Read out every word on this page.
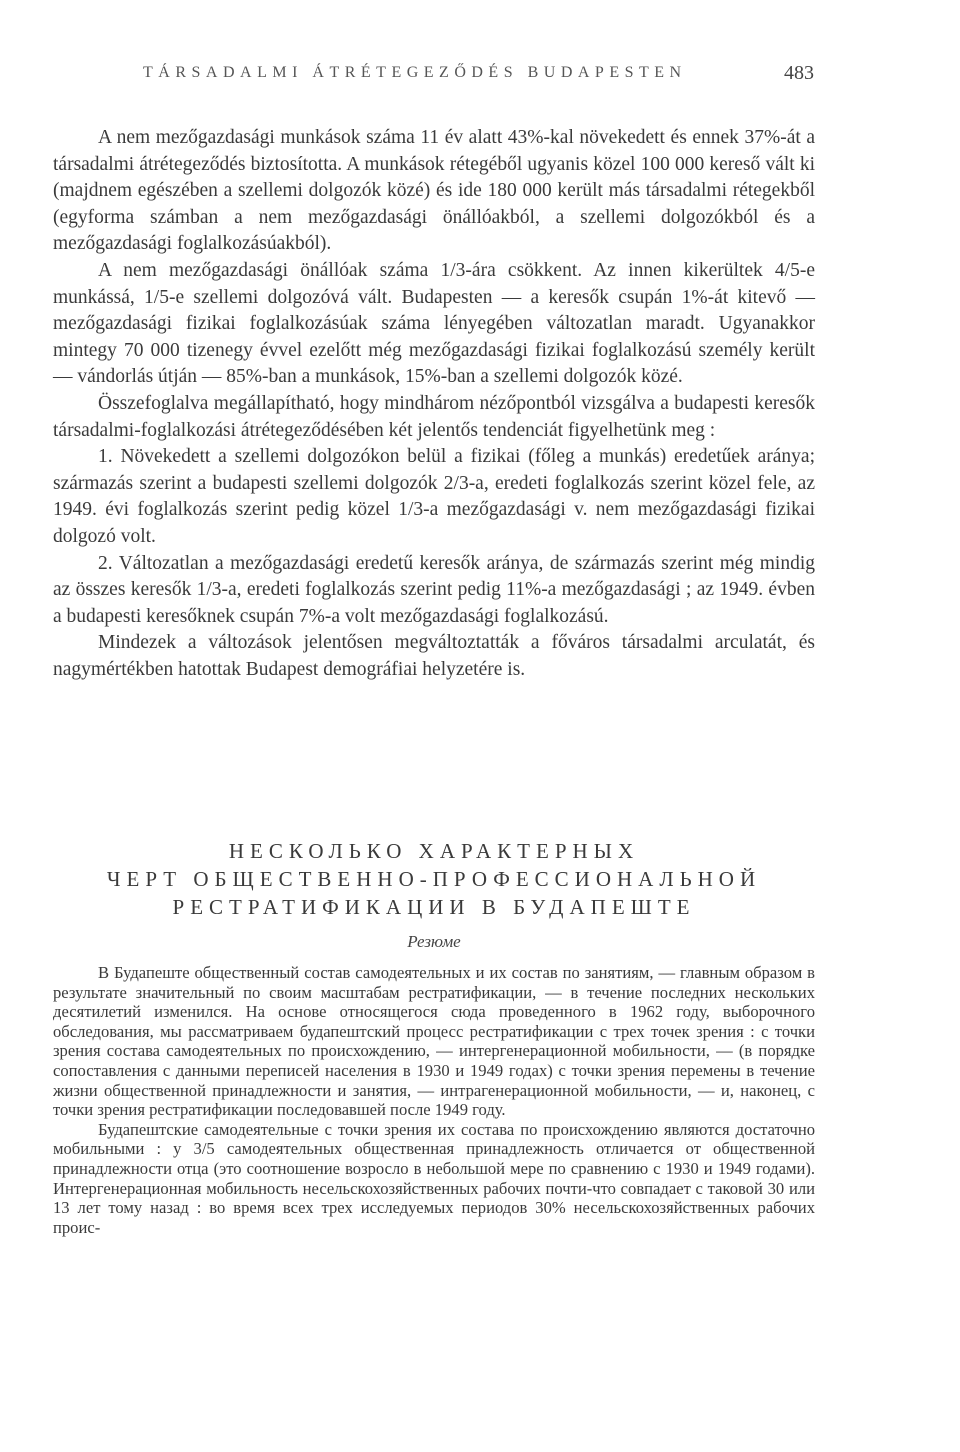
TÁRSADALMI ÁTRÉTEGEZŐDÉS BUDAPESTEN	483

A nem mezőgazdasági munkások száma 11 év alatt 43%-kal növekedett és ennek 37%-át a társadalmi átrétegeződés biztosította. A munkások rétegéből ugyanis közel 100 000 kereső vált ki (majdnem egészében a szellemi dolgozók közé) és ide 180 000 került más társadalmi rétegekből (egyforma számban a nem mezőgazdasági önállóakból, a szellemi dolgozókból és a mezőgazdasági foglalkozásúakból).

A nem mezőgazdasági önállóak száma 1/3-ára csökkent. Az innen kikerültek 4/5-e munkássá, 1/5-e szellemi dolgozóvá vált. Budapesten — a keresők csupán 1%-át kitevő — mezőgazdasági fizikai foglalkozásúak száma lényegében változatlan maradt. Ugyanakkor mintegy 70 000 tizenegy évvel ezelőtt még mezőgazdasági fizikai foglalkozású személy került — vándorlás útján — 85%-ban a munkások, 15%-ban a szellemi dolgozók közé.

Összefoglalva megállapítható, hogy mindhárom nézőpontból vizsgálva a budapesti keresők társadalmi-foglalkozási átrétegeződésében két jelentős tendenciát figyelhetünk meg :

1. Növekedett a szellemi dolgozókon belül a fizikai (főleg a munkás) eredetűek aránya; származás szerint a budapesti szellemi dolgozók 2/3-a, eredeti foglalkozás szerint közel fele, az 1949. évi foglalkozás szerint pedig közel 1/3-a mezőgazdasági v. nem mezőgazdasági fizikai dolgozó volt.

2. Változatlan a mezőgazdasági eredetű keresők aránya, de származás szerint még mindig az összes keresők 1/3-a, eredeti foglalkozás szerint pedig 11%-a mezőgazdasági ; az 1949. évben a budapesti keresőknek csupán 7%-a volt mezőgazdasági foglalkozású.

Mindezek a változások jelentősen megváltoztatták a főváros társadalmi arculatát, és nagymértékben hatottak Budapest demográfiai helyzetére is.

НЕСКОЛЬКО ХАРАКТЕРНЫХ
ЧЕРТ ОБЩЕСТВЕННО-ПРОФЕССИОНАЛЬНОЙ
РЕСТРАТИФИКАЦИИ В БУДАПЕШТЕ
Резюме

В Будапеште общественный состав самодеятельных и их состав по занятиям, — главным образом в результате значительный по своим масштабам рестратификации, — в течение последних нескольких десятилетий изменился. На основе относящегося сюда проведенного в 1962 году, выборочного обследования, мы рассматриваем будапештский процесс рестратификации с трех точек зрения : с точки зрения состава самодеятельных по происхождению, — интергенерационной мобильности, — (в порядке сопоставления с данными переписей населения в 1930 и 1949 годах) с точки зрения перемены в течение жизни общественной принадлежности и занятия, — интрагенерационной мобильности, — и, наконец, с точки зрения рестратификации последовавшей после 1949 году.

Будапештские самодеятельные с точки зрения их состава по происхождению являются достаточно мобильными : у 3/5 самодеятельных общественная принадлежность отличается от общественной принадлежности отца (это соотношение возросло в небольшой мере по сравнению с 1930 и 1949 годами). Интергенерационная мобильность несельскохозяйственных рабочих почти-что совпадает с таковой 30 или 13 лет тому назад : во время всех трех исследуемых периодов 30% несельскохозяйственных рабочих проис-
